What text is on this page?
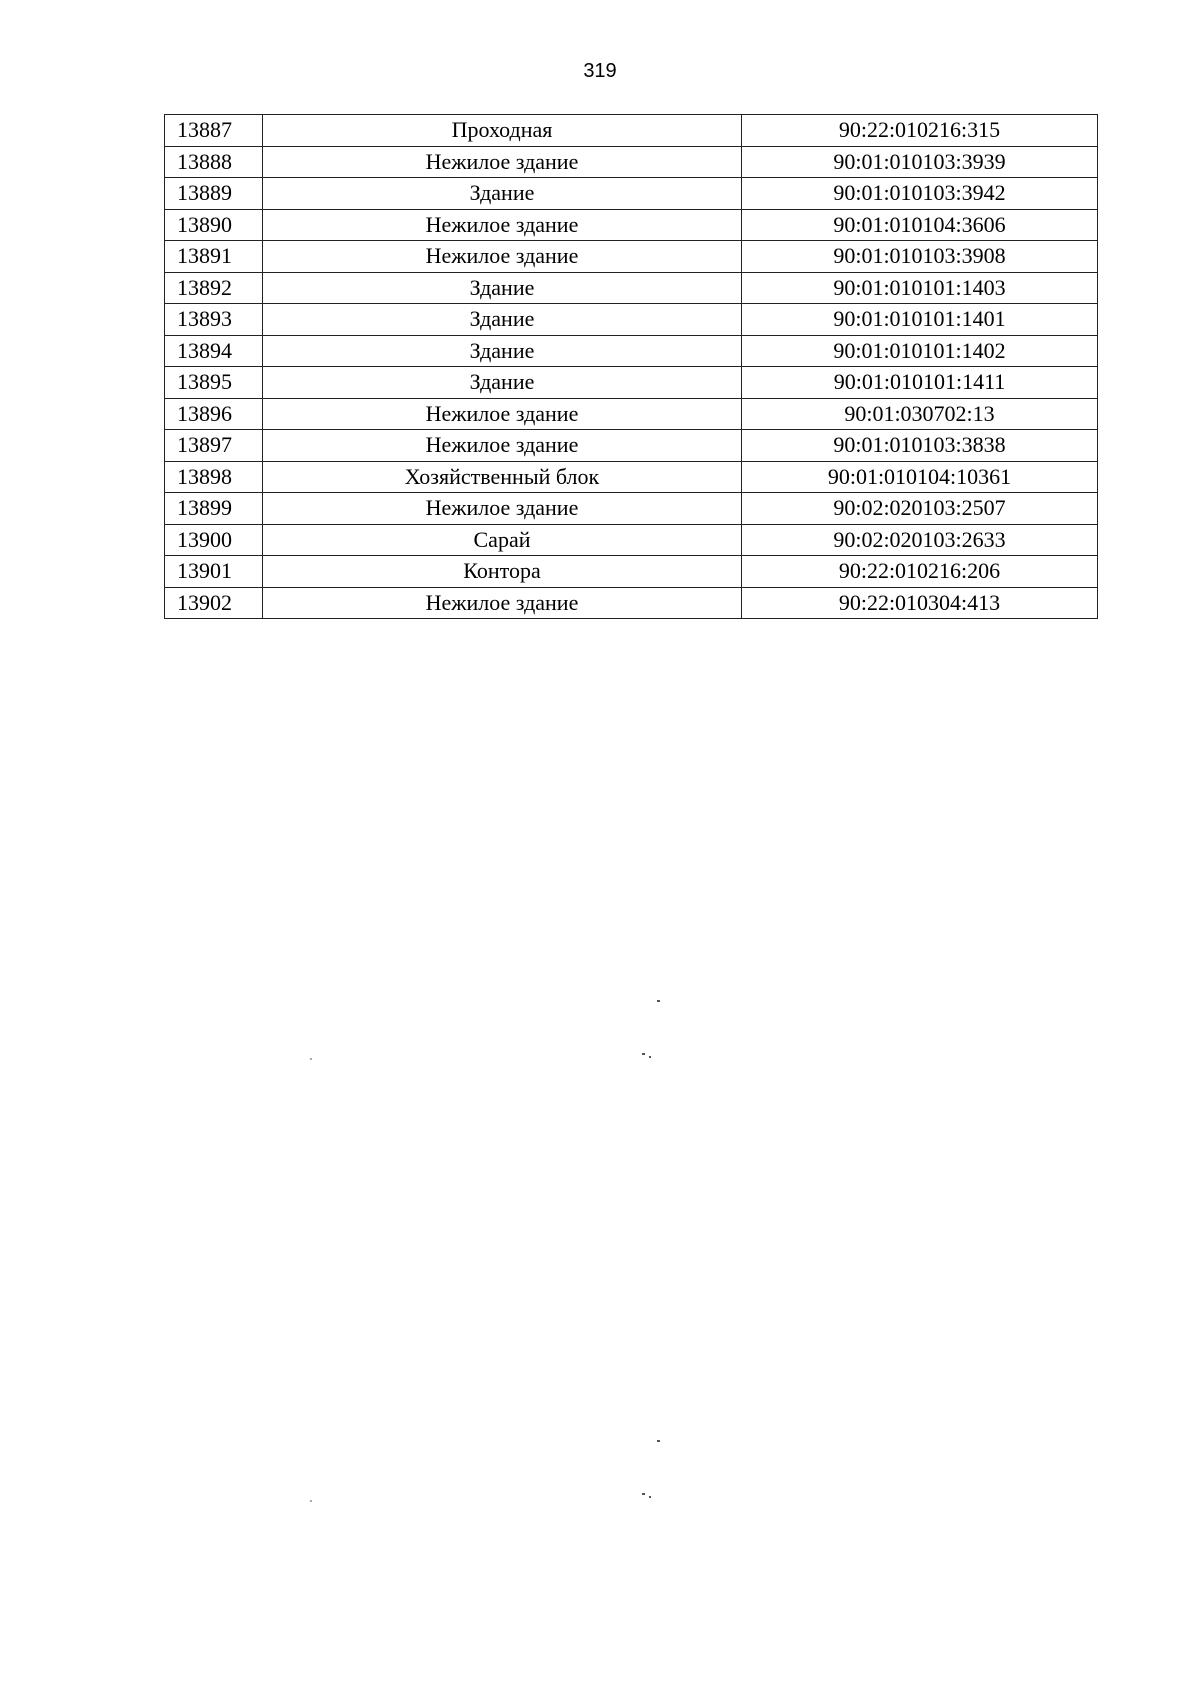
319
13887	Проходная	90:22:010216:315
13888	Нежилое здание	90:01:010103:3939
13889	Здание	90:01:010103:3942
13890	Нежилое здание	90:01:010104:3606
13891	Нежилое здание	90:01:010103:3908
13892	Здание	90:01:010101:1403
13893	Здание	90:01:010101:1401
13894	Здание	90:01:010101:1402
13895	Здание	90:01:010101:1411
13896	Нежилое здание	90:01:030702:13
13897	Нежилое здание	90:01:010103:3838
13898	Хозяйственный блок	90:01:010104:10361
13899	Нежилое здание	90:02:020103:2507
13900	Сарай	90:02:020103:2633
13901	Контора	90:22:010216:206
13902	Нежилое здание	90:22:010304:413
